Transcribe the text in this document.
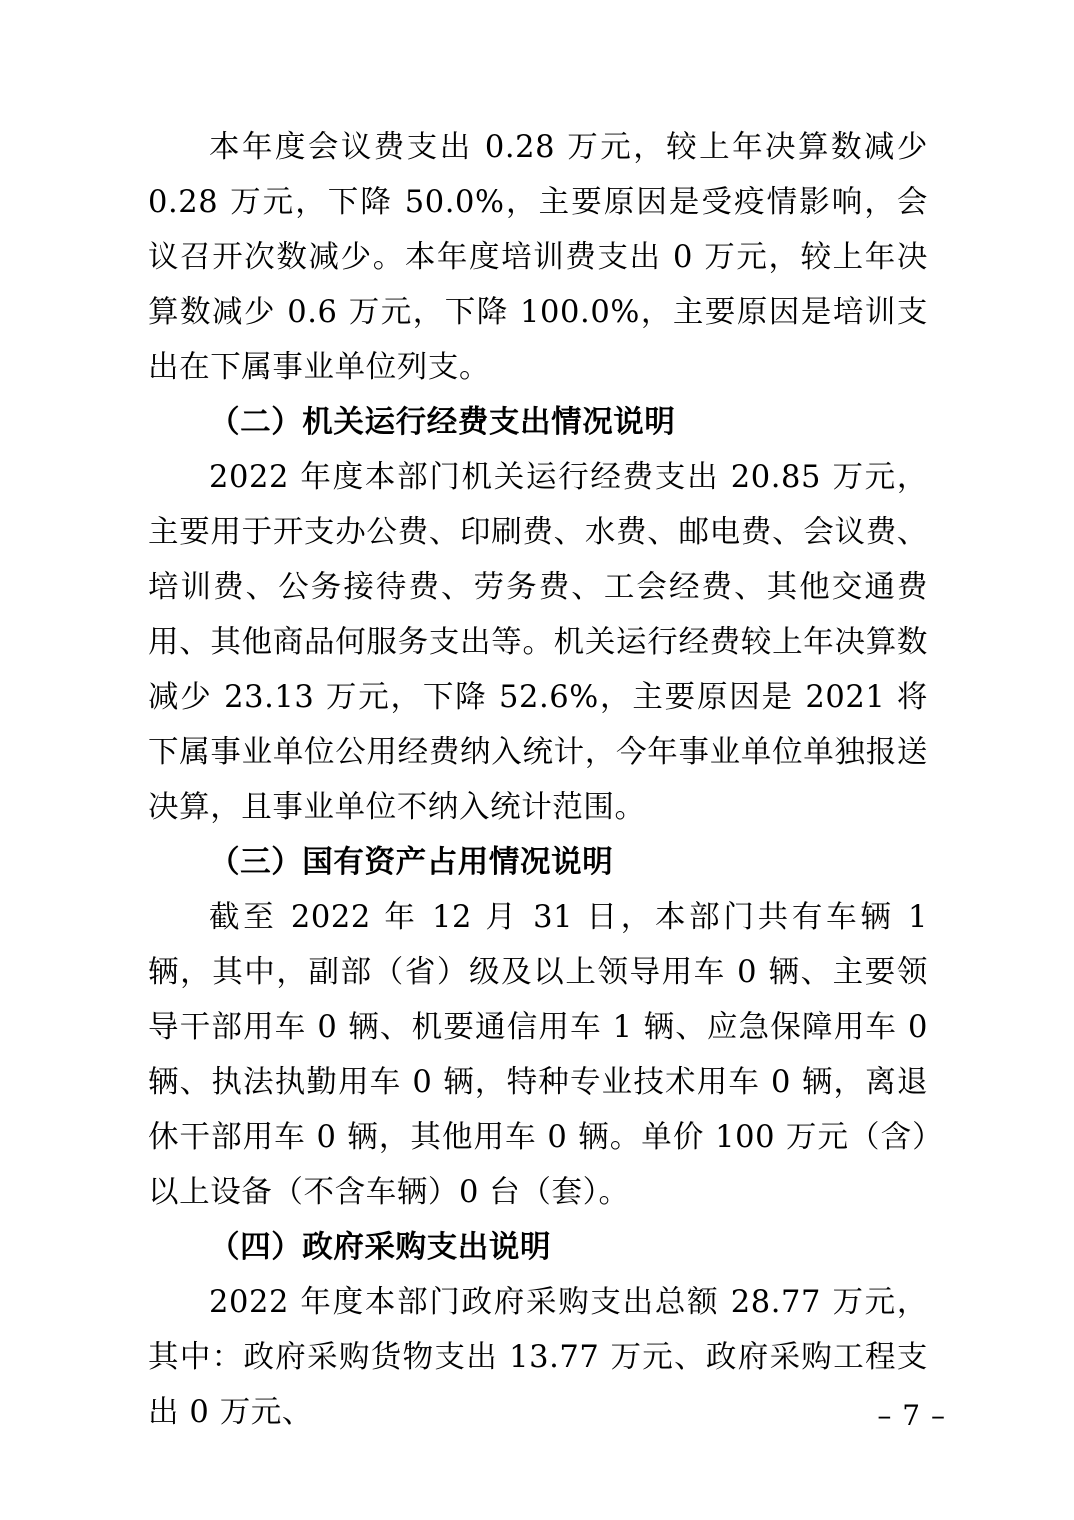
本年度会议费支出 0.28 万元，较上年决算数减少 0.28 万元，下降 50.0%，主要原因是受疫情影响，会议召开次数减少。本年度培训费支出 0 万元，较上年决算数减少 0.6 万元，下降 100.0%，主要原因是培训支出在下属事业单位列支。

（二）机关运行经费支出情况说明

2022 年度本部门机关运行经费支出 20.85 万元，主要用于开支办公费、印刷费、水费、邮电费、会议费、培训费、公务接待费、劳务费、工会经费、其他交通费用、其他商品何服务支出等。机关运行经费较上年决算数减少 23.13 万元，下降 52.6%，主要原因是 2021 将下属事业单位公用经费纳入统计，今年事业单位单独报送决算，且事业单位不纳入统计范围。

（三）国有资产占用情况说明

截至 2022 年 12 月 31 日，本部门共有车辆 1 辆，其中，副部（省）级及以上领导用车 0 辆、主要领导干部用车 0 辆、机要通信用车 1 辆、应急保障用车 0 辆、执法执勤用车 0 辆，特种专业技术用车 0 辆，离退休干部用车 0 辆，其他用车 0 辆。单价 100 万元（含）以上设备（不含车辆）0 台（套）。

（四）政府采购支出说明

2022 年度本部门政府采购支出总额 28.77 万元，其中：政府采购货物支出 13.77 万元、政府采购工程支出 0 万元、	– 7 –
